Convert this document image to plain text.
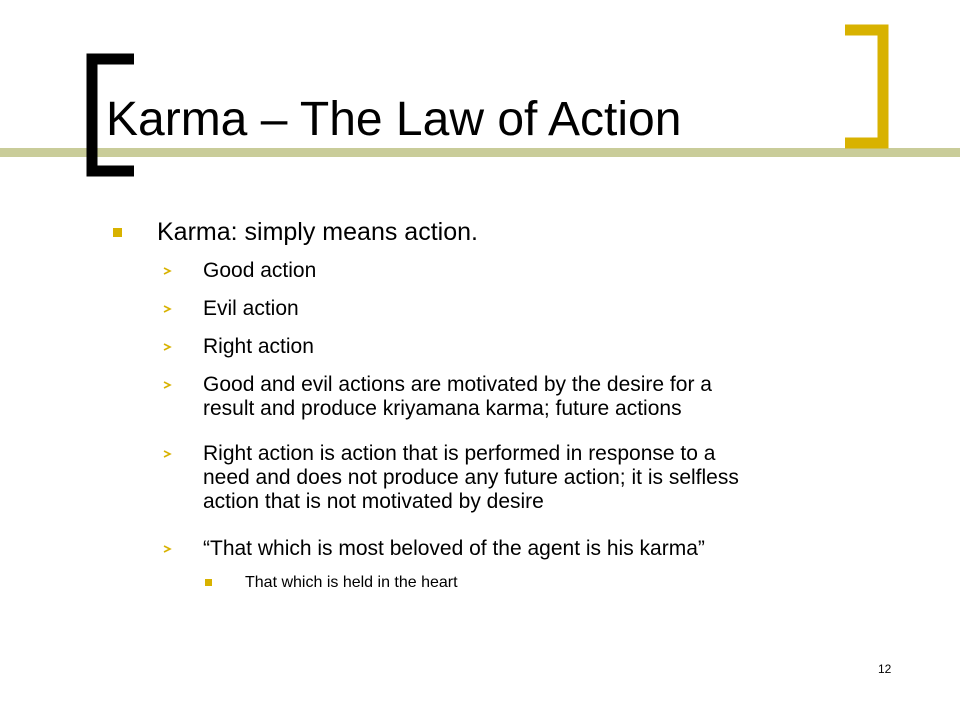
Karma – The Law of Action
Karma: simply means action.
Good action
Evil action
Right action
Good and evil actions are motivated by the desire for a
result and produce kriyamana karma; future actions
Right action is action that is performed in response to a
need and does not produce any future action; it is selfless
action that is not motivated by desire
“That which is most beloved of the agent is his karma”
That which is held in the heart
12
